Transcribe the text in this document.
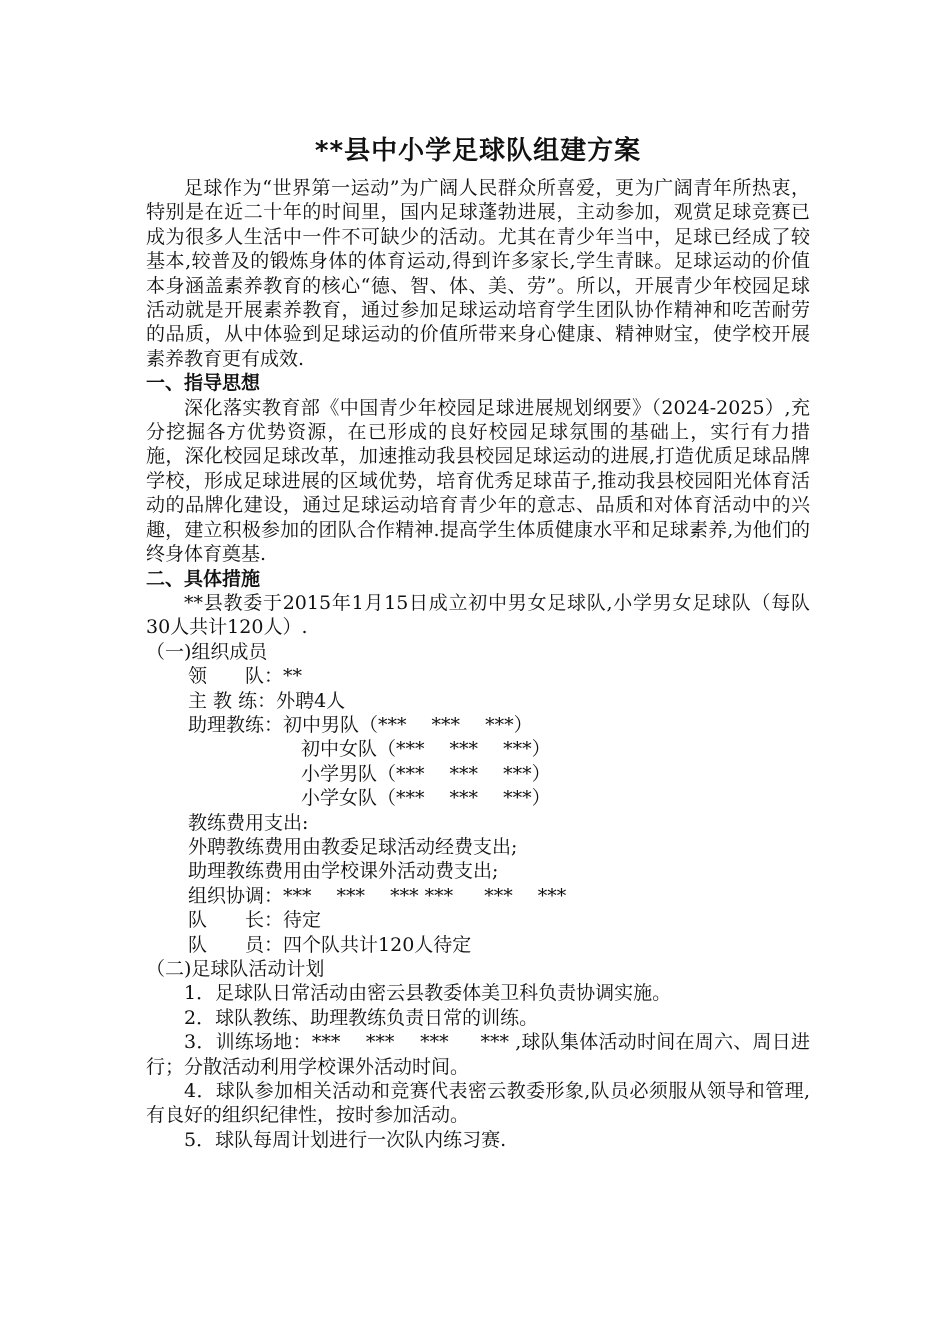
**县中小学足球队组建方案

足球作为“世界第一运动”为广阔人民群众所喜爱，更为广阔青年所热衷，特别是在近二十年的时间里，国内足球蓬勃进展，主动参加，观赏足球竞赛已成为很多人生活中一件不可缺少的活动。尤其在青少年当中，足球已经成了较基本,较普及的锻炼身体的体育运动,得到许多家长,学生青睐。足球运动的价值本身涵盖素养教育的核心“德、智、体、美、劳”。所以，开展青少年校园足球活动就是开展素养教育，通过参加足球运动培育学生团队协作精神和吃苦耐劳的品质，从中体验到足球运动的价值所带来身心健康、精神财宝，使学校开展素养教育更有成效.

一、指导思想

深化落实教育部《中国青少年校园足球进展规划纲要》（2024-2025）,充分挖掘各方优势资源，在已形成的良好校园足球氛围的基础上，实行有力措施，深化校园足球改革，加速推动我县校园足球运动的进展,打造优质足球品牌学校，形成足球进展的区域优势，培育优秀足球苗子,推动我县校园阳光体育活动的品牌化建设，通过足球运动培育青少年的意志、品质和对体育活动中的兴趣，建立积极参加的团队合作精神.提高学生体质健康水平和足球素养,为他们的终身体育奠基.

二、具体措施

**县教委于2015年1月15日成立初中男女足球队,小学男女足球队（每队30人共计120人）.

（一)组织成员
领　　队：**
主 教 练：外聘4人
助理教练：初中男队（*** 　*** 　***）
初中女队（*** 　*** 　***）
小学男队（*** 　*** 　***）
小学女队（*** 　*** 　***）
教练费用支出:
外聘教练费用由教委足球活动经费支出;
助理教练费用由学校课外活动费支出;
组织协调：*** 　***　 *** *** 　 *** 　***
队　　长：待定
队　　员：四个队共计120人待定
（二)足球队活动计划

1．足球队日常活动由密云县教委体美卫科负责协调实施。

2．球队教练、助理教练负责日常的训练。

3．训练场地：*** 　***　 *** 　 *** ,球队集体活动时间在周六、周日进行；分散活动利用学校课外活动时间。

4．球队参加相关活动和竞赛代表密云教委形象,队员必须服从领导和管理,有良好的组织纪律性，按时参加活动。

5．球队每周计划进行一次队内练习赛.
